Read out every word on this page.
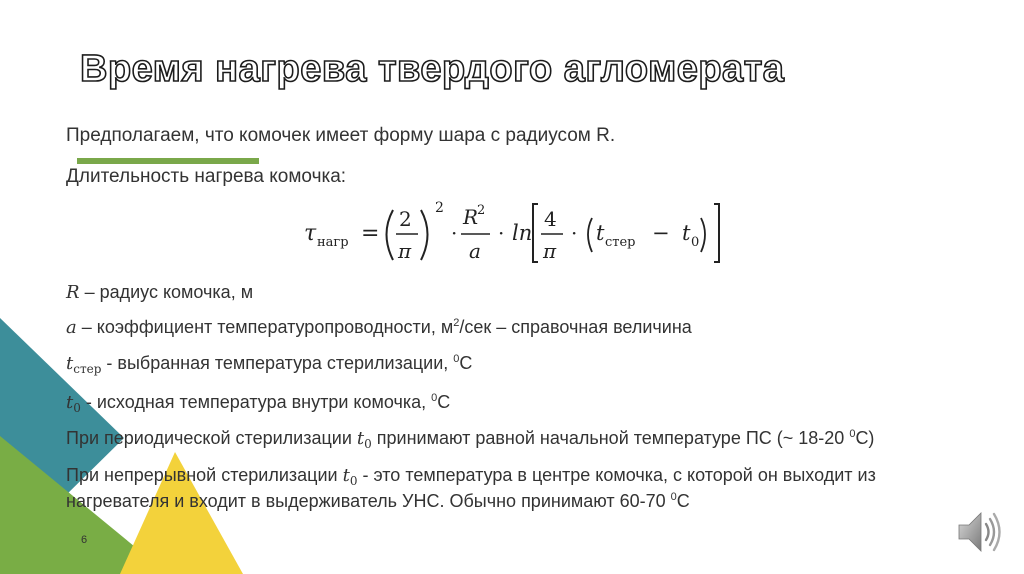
Время нагрева твердого агломерата
Предполагаем, что комочек имеет форму шара с радиусом R.
Длительность нагрева комочка:
τ нагр =
2
π
2
·
R
2
a
· ln
4
π
· t стер − t 0
R – радиус комочка, м
a – коэффициент температуропроводности, $м^2$/сек – справочная величина
$t_{стер}$ - выбранная температура стерилизации, $^0$С
$t_0$ - исходная температура внутри комочка, $^0$С
При периодической стерилизации $t_0$ принимают равной начальной температуре ПС (~ 18-20 $^0$С)
При непрерывной стерилизации $t_0$ - это температура в центре комочка, с которой он выходит из
нагревателя и входит в выдерживатель УНС. Обычно принимают 60-70 $^0$С
6
